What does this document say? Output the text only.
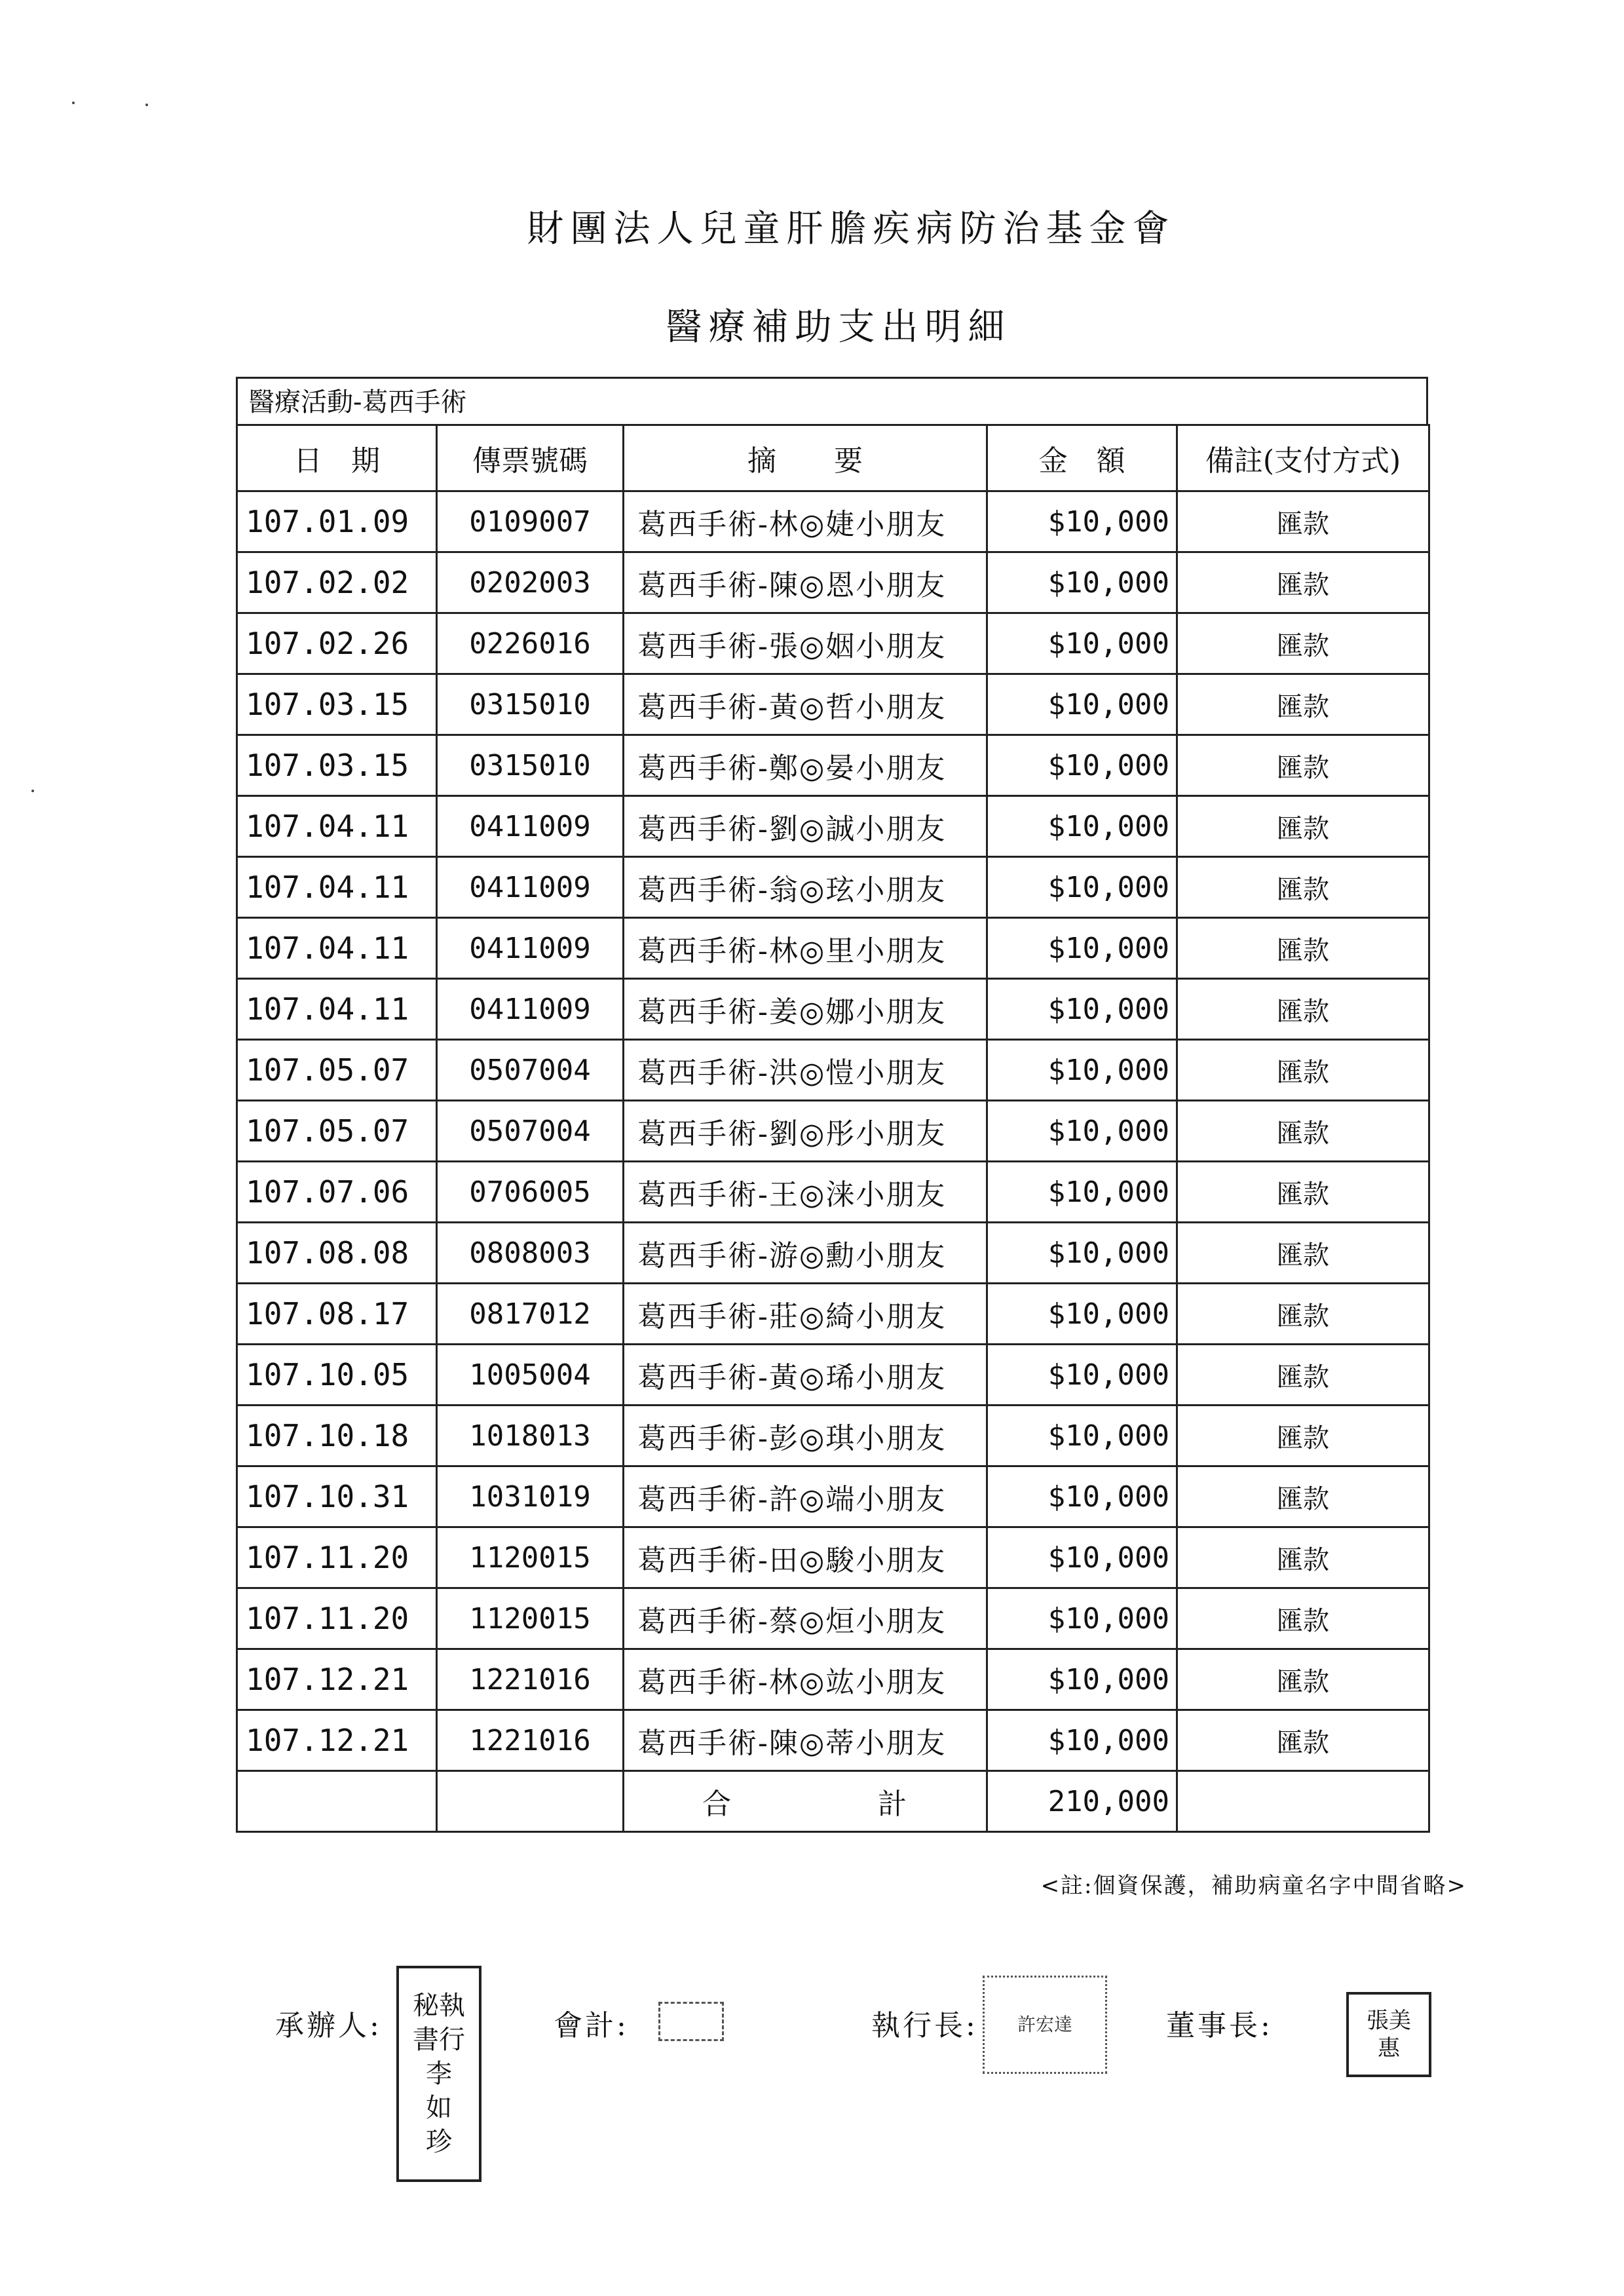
財團法人兒童肝膽疾病防治基金會
醫療補助支出明細
醫療活動-葛西手術
日　期	傳票號碼	摘　　要	金　額	備註(支付方式)
107.01.09	0109007	葛西手術-林◎婕小朋友	$10,000	匯款
107.02.02	0202003	葛西手術-陳◎恩小朋友	$10,000	匯款
107.02.26	0226016	葛西手術-張◎姻小朋友	$10,000	匯款
107.03.15	0315010	葛西手術-黃◎哲小朋友	$10,000	匯款
107.03.15	0315010	葛西手術-鄭◎晏小朋友	$10,000	匯款
107.04.11	0411009	葛西手術-劉◎誠小朋友	$10,000	匯款
107.04.11	0411009	葛西手術-翁◎玹小朋友	$10,000	匯款
107.04.11	0411009	葛西手術-林◎里小朋友	$10,000	匯款
107.04.11	0411009	葛西手術-姜◎娜小朋友	$10,000	匯款
107.05.07	0507004	葛西手術-洪◎愷小朋友	$10,000	匯款
107.05.07	0507004	葛西手術-劉◎彤小朋友	$10,000	匯款
107.07.06	0706005	葛西手術-王◎涞小朋友	$10,000	匯款
107.08.08	0808003	葛西手術-游◎勳小朋友	$10,000	匯款
107.08.17	0817012	葛西手術-莊◎綺小朋友	$10,000	匯款
107.10.05	1005004	葛西手術-黃◎琋小朋友	$10,000	匯款
107.10.18	1018013	葛西手術-彭◎琪小朋友	$10,000	匯款
107.10.31	1031019	葛西手術-許◎端小朋友	$10,000	匯款
107.11.20	1120015	葛西手術-田◎駿小朋友	$10,000	匯款
107.11.20	1120015	葛西手術-蔡◎烜小朋友	$10,000	匯款
107.12.21	1221016	葛西手術-林◎竑小朋友	$10,000	匯款
107.12.21	1221016	葛西手術-陳◎蒂小朋友	$10,000	匯款
		合 計	210,000	
<註:個資保護，補助病童名字中間省略>
承辦人:
秘執
書行
李
如
珍
會計:	執行長: 許宏達	董事長:	張美
惠
